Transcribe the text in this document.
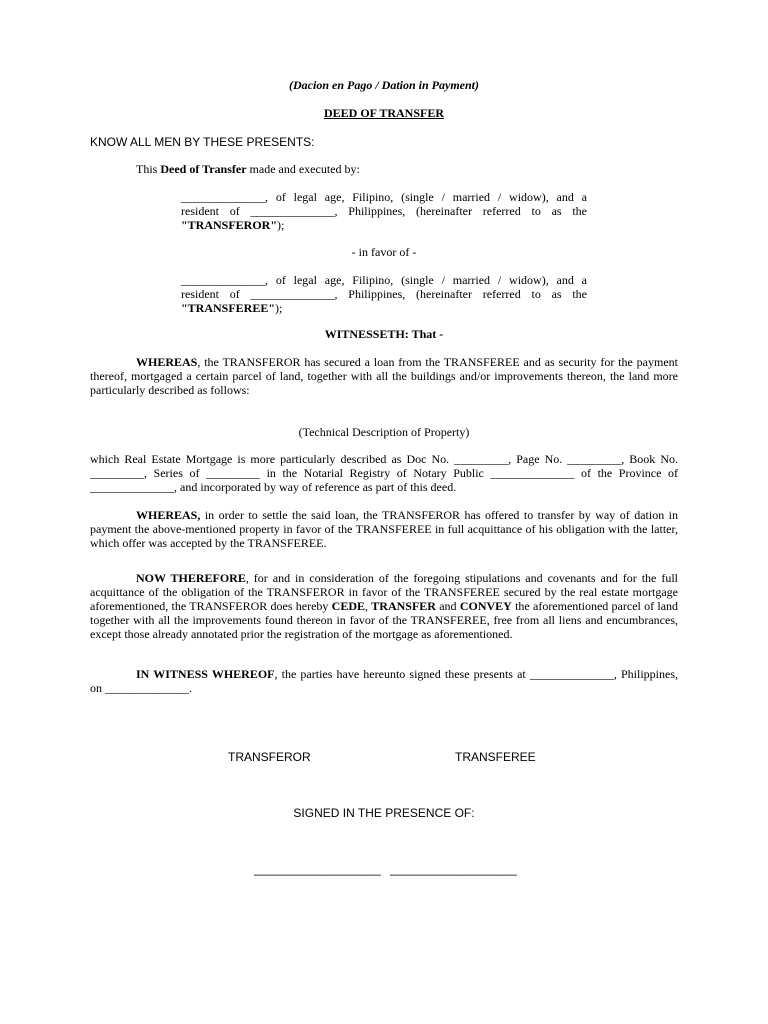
(Dacion en Pago / Dation in Payment)
DEED OF TRANSFER
KNOW ALL MEN BY THESE PRESENTS:
This Deed of Transfer made and executed by:

______________, of legal age, Filipino, (single / married / widow), and a

resident of ______________, Philippines, (hereinafter referred to as the

"TRANSFEROR");

- in favor of -

______________, of legal age, Filipino, (single / married / widow), and a

resident of ______________, Philippines, (hereinafter referred to as the

"TRANSFEREE");

WITNESSETH: That -
WHEREAS, the TRANSFEROR has secured a loan from the TRANSFEREE and as security for the payment thereof, mortgaged a certain parcel of land, together with all the buildings and/or improvements thereon, the land more particularly described as follows:
(Technical Description of Property)
which Real Estate Mortgage is more particularly described as Doc No. _________, Page No. _________, Book No. _________, Series of _________ in the Notarial Registry of Notary Public ______________ of the Province of ______________, and incorporated by way of reference as part of this deed.
WHEREAS, in order to settle the said loan, the TRANSFEROR has offered to transfer by way of dation in payment the above-mentioned property in favor of the TRANSFEREE in full acquittance of his obligation with the latter, which offer was accepted by the TRANSFEREE.
NOW THEREFORE, for and in consideration of the foregoing stipulations and covenants and for the full acquittance of the obligation of the TRANSFEROR in favor of the TRANSFEREE secured by the real estate mortgage aforementioned, the TRANSFEROR does hereby CEDE, TRANSFER and CONVEY the aforementioned parcel of land together with all the improvements found thereon in favor of the TRANSFEREE, free from all liens and encumbrances, except those already annotated prior the registration of the mortgage as aforementioned.
IN WITNESS WHEREOF, the parties have hereunto signed these presents at ______________, Philippines, on ______________.
TRANSFEROR	TRANSFEREE
SIGNED IN THE PRESENCE OF:
___________________ ___________________
